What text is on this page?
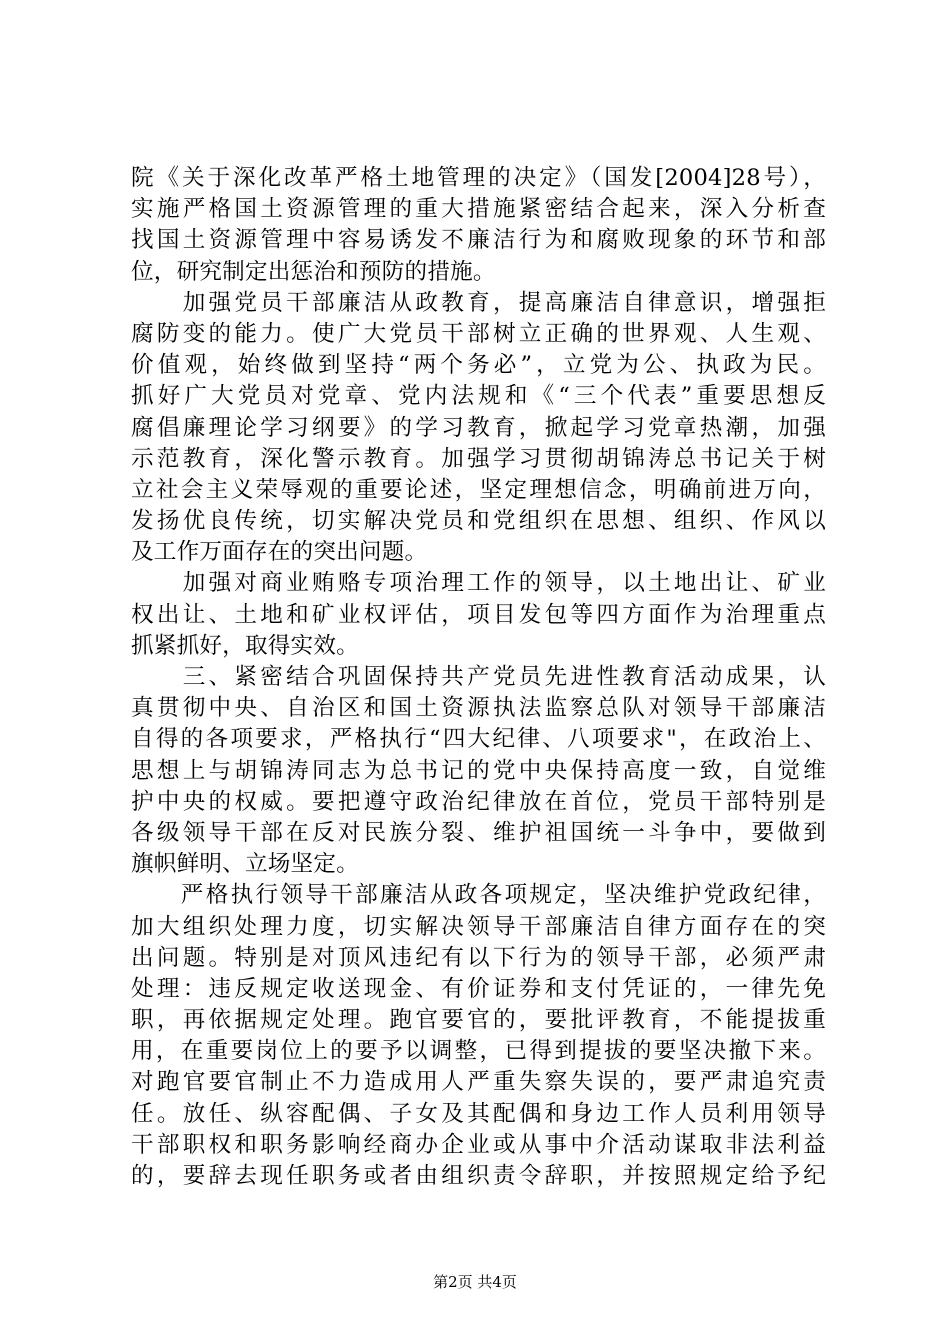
院《关于深化改革严格土地管理的决定》（国发[2004]28号），
实施严格国土资源管理的重大措施紧密结合起来，深入分析查
找国土资源管理中容易诱发不廉洁行为和腐败现象的环节和部
位，研究制定出惩治和预防的措施。
　　加强党员干部廉洁从政教育，提高廉洁自律意识，增强拒
腐防变的能力。使广大党员干部树立正确的世界观、人生观、
价值观，始终做到坚持“两个务必”，立党为公、执政为民。
抓好广大党员对党章、党内法规和《“三个代表”重要思想反
腐倡廉理论学习纲要》的学习教育，掀起学习党章热潮，加强
示范教育，深化警示教育。加强学习贯彻胡锦涛总书记关于树
立社会主义荣辱观的重要论述，坚定理想信念，明确前进万向，
发扬优良传统，切实解决党员和党组织在思想、组织、作风以
及工作万面存在的突出问题。
　　加强对商业贿赂专项治理工作的领导，以土地出让、矿业
权出让、土地和矿业权评估，项目发包等四方面作为治理重点
抓紧抓好，取得实效。
　　三、紧密结合巩固保持共产党员先进性教育活动成果，认
真贯彻中央、自治区和国土资源执法监察总队对领导干部廉洁
自得的各项要求，严格执行“四大纪律、八项要求"，在政治上、
思想上与胡锦涛同志为总书记的党中央保持高度一致，自觉维
护中央的权威。要把遵守政治纪律放在首位，党员干部特别是
各级领导干部在反对民族分裂、维护祖国统一斗争中，要做到
旗帜鲜明、立场坚定。
　　严格执行领导干部廉洁从政各项规定，坚决维护党政纪律，
加大组织处理力度，切实解决领导干部廉洁自律方面存在的突
出问题。特别是对顶风违纪有以下行为的领导干部，必须严肃
处理：违反规定收送现金、有价证券和支付凭证的，一律先免
职，再依据规定处理。跑官要官的，要批评教育，不能提拔重
用，在重要岗位上的要予以调整，已得到提拔的要坚决撤下来。
对跑官要官制止不力造成用人严重失察失误的，要严肃追究责
任。放任、纵容配偶、子女及其配偶和身边工作人员利用领导
干部职权和职务影响经商办企业或从事中介活动谋取非法利益
的，要辞去现任职务或者由组织责令辞职，并按照规定给予纪
第2页 共4页
